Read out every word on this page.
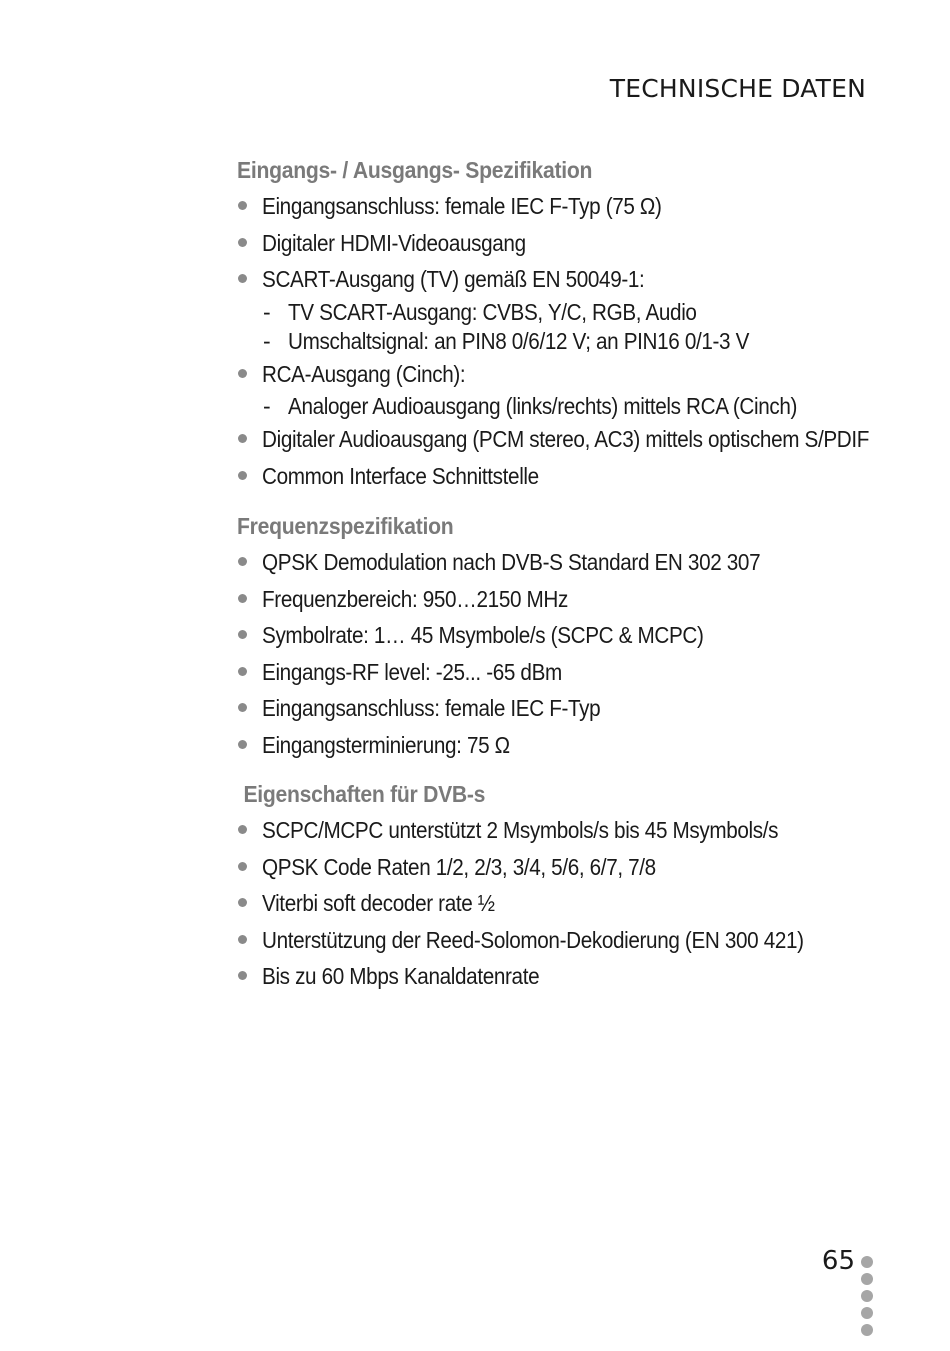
TECHNISCHE DATEN
Eingangs- / Ausgangs- Spezifikation
Eingangsanschluss: female IEC F-Typ (75 Ω)
Digitaler HDMI-Videoausgang
SCART-Ausgang (TV) gemäß EN 50049-1:
- TV SCART-Ausgang: CVBS, Y/C, RGB, Audio
- Umschaltsignal: an PIN8 0/6/12 V; an PIN16 0/1-3 V
RCA-Ausgang (Cinch):
- Analoger Audioausgang (links/rechts) mittels RCA (Cinch)
Digitaler Audioausgang (PCM stereo, AC3) mittels optischem S/PDIF
Common Interface Schnittstelle
Frequenzspezifikation
QPSK Demodulation nach DVB-S Standard EN 302 307
Frequenzbereich: 950…2150 MHz
Symbolrate: 1… 45 Msymbole/s (SCPC & MCPC)
Eingangs-RF level: -25... -65 dBm
Eingangsanschluss: female IEC F-Typ
Eingangsterminierung: 75 Ω
Eigenschaften für DVB-s
SCPC/MCPC unterstützt 2 Msymbols/s bis 45 Msymbols/s
QPSK Code Raten 1/2, 2/3, 3/4, 5/6, 6/7, 7/8
Viterbi soft decoder rate ½
Unterstützung der Reed-Solomon-Dekodierung (EN 300 421)
Bis zu 60 Mbps Kanaldatenrate
65
